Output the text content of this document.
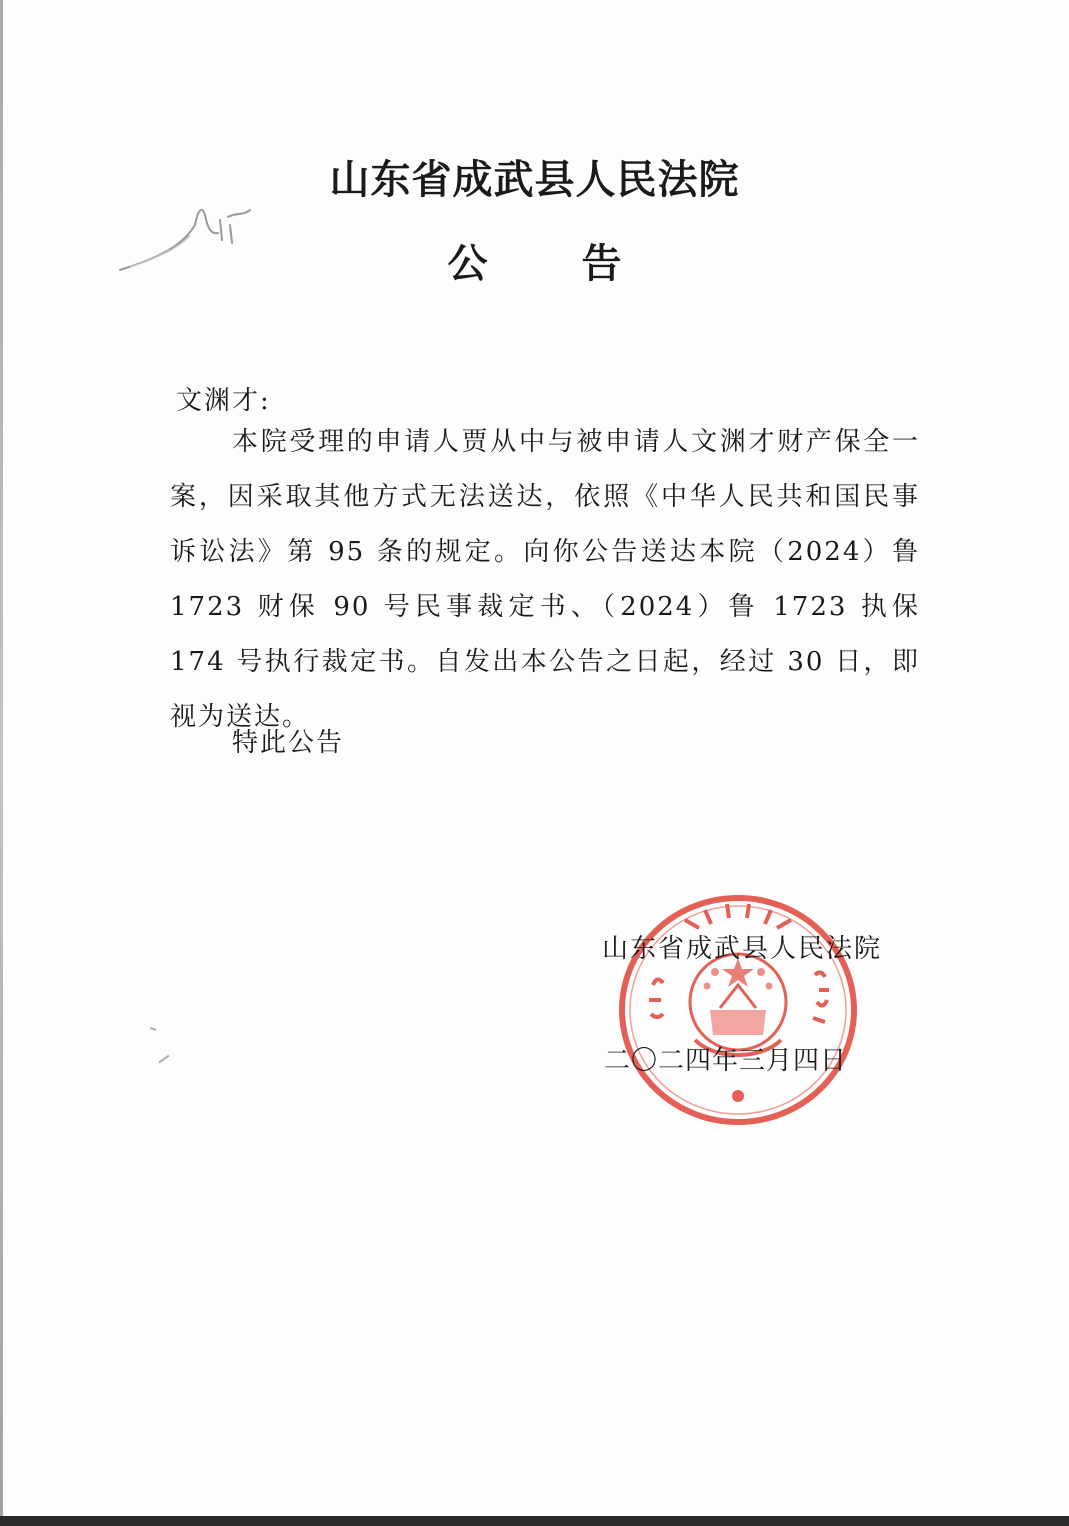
山东省成武县人民法院
公 告
文渊才:
本院受理的申请人贾从中与被申请人文渊才财产保全一案，因采取其他方式无法送达，依照《中华人民共和国民事诉讼法》第 95 条的规定。向你公告送达本院（2024）鲁 1723 财保 90 号民事裁定书、（2024）鲁 1723 执保 174 号执行裁定书。自发出本公告之日起，经过 30 日，即视为送达。
特此公告
山东省成武县人民法院
二〇二四年三月四日
